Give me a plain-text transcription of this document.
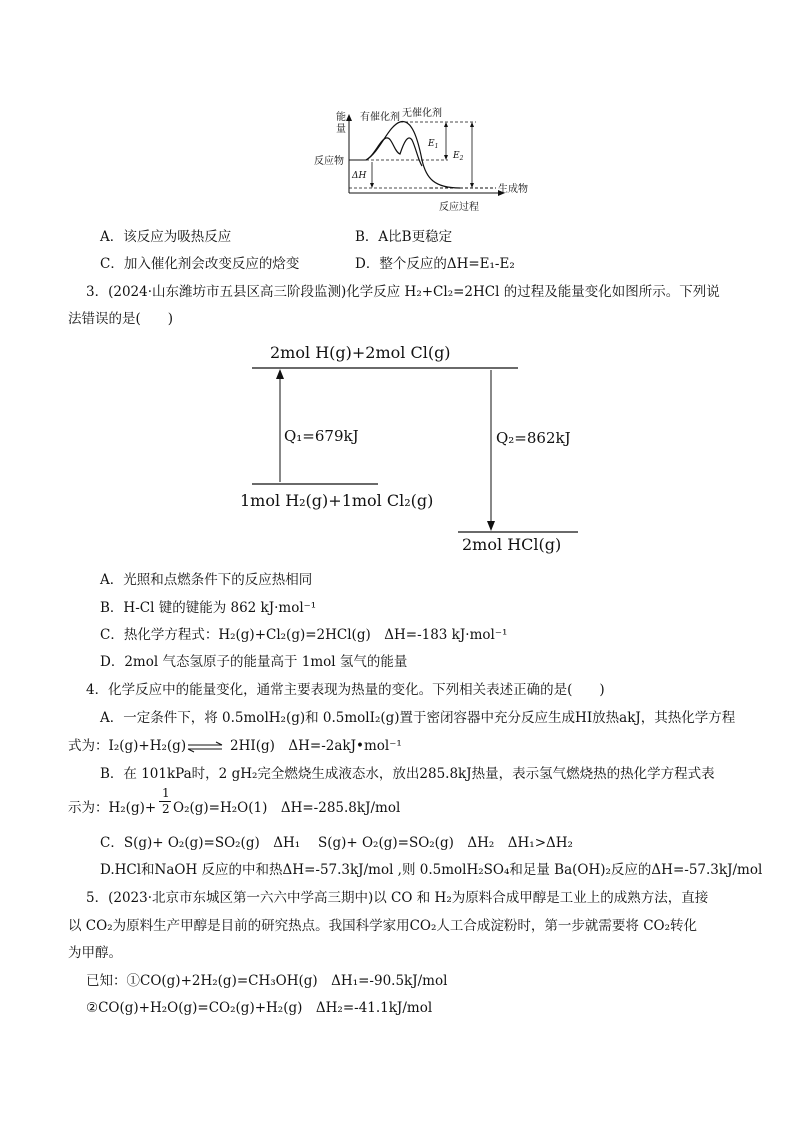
能
量
有催化剂 无催化剂
反应物
生成物
反应过程
$E_1$
$E_2$
ΔH
A．该反应为吸热反应	B．A比B更稳定
C．加入催化剂会改变反应的焓变	D．整个反应的ΔH=E₁-E₂
3．(2024·山东潍坊市五县区高三阶段监测)化学反应 H₂+Cl₂=2HCl 的过程及能量变化如图所示。下列说
法错误的是(　　)
2mol H(g)+2mol Cl(g)
1mol H₂(g)+1mol Cl₂(g)
2mol HCl(g)
Q₁=679kJ	Q₂=862kJ
A．光照和点燃条件下的反应热相同
B．H-Cl 键的键能为 862 kJ·mol⁻¹
C．热化学方程式：H₂(g)+Cl₂(g)=2HCl(g)　ΔH=-183 kJ·mol⁻¹
D．2mol 气态氢原子的能量高于 1mol 氢气的能量
4．化学反应中的能量变化，通常主要表现为热量的变化。下列相关表述正确的是(　　)
A．一定条件下，将 0.5molH₂(g)和 0.5molI₂(g)置于密闭容器中充分反应生成HI放热akJ，其热化学方程
式为：I₂(g)+H₂(g) ⇌ 2HI(g)　ΔH=-2akJ•mol⁻¹
B．在 101kPa时，2 gH₂完全燃烧生成液态水，放出285.8kJ热量，表示氢气燃烧热的热化学方程式表
示为：H₂(g)+
1
2 O₂(g)=H₂O(1)　ΔH=-285.8kJ/mol
C．S(g)+ O₂(g)=SO₂(g)　ΔH₁　 S(g)+ O₂(g)=SO₂(g)　ΔH₂　ΔH₁>ΔH₂
D.HCl和NaOH 反应的中和热ΔH=-57.3kJ/mol ,则 0.5molH₂SO₄和足量 Ba(OH)₂反应的ΔH=-57.3kJ/mol
5．(2023·北京市东城区第一六六中学高三期中)以 CO 和 H₂为原料合成甲醇是工业上的成熟方法，直接
以 CO₂为原料生产甲醇是目前的研究热点。我国科学家用CO₂人工合成淀粉时，第一步就需要将 CO₂转化
为甲醇。
已知：①CO(g)+2H₂(g)=CH₃OH(g)　ΔH₁=-90.5kJ/mol
②CO(g)+H₂O(g)=CO₂(g)+H₂(g)　ΔH₂=-41.1kJ/mol
